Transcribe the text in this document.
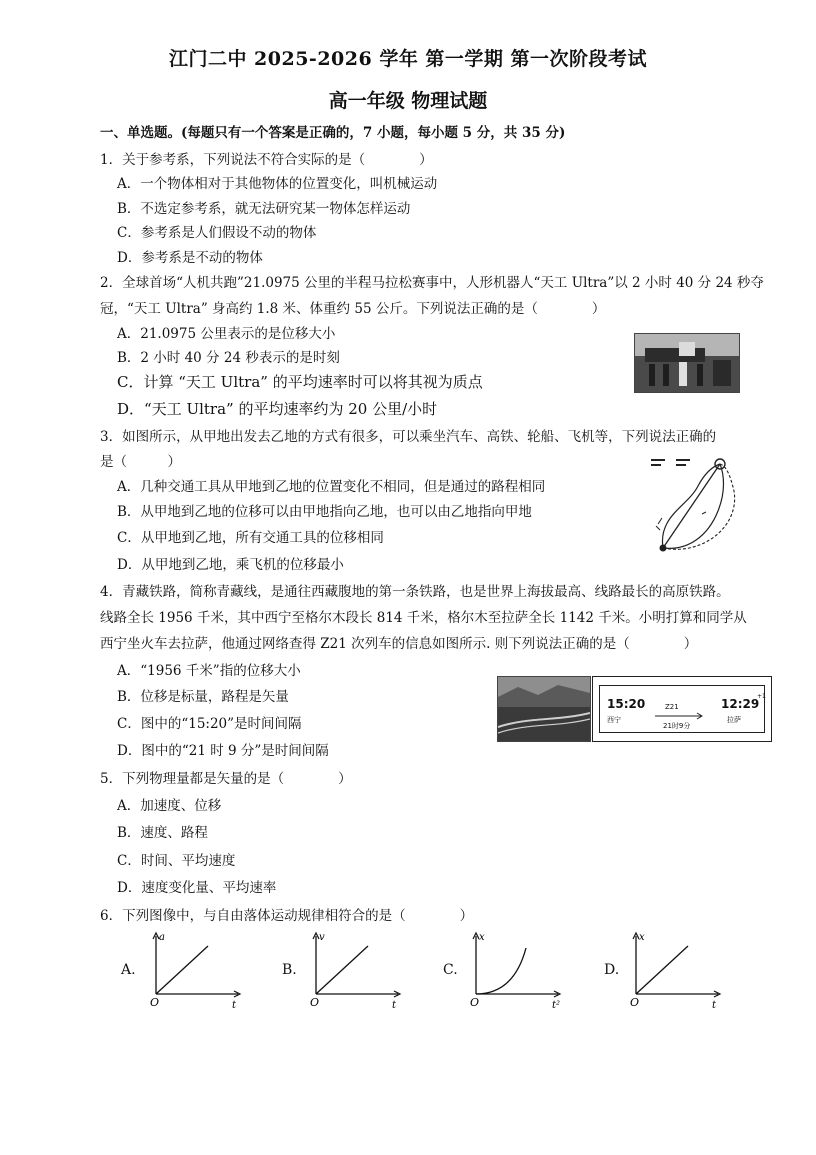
江门二中 2025-2026 学年 第一学期 第一次阶段考试
高一年级 物理试题
一、单选题。(每题只有一个答案是正确的，7 小题，每小题 5 分，共 35 分)
1．关于参考系，下列说法不符合实际的是（　　　　）
A．一个物体相对于其他物体的位置变化，叫机械运动
B．不选定参考系，就无法研究某一物体怎样运动
C．参考系是人们假设不动的物体
D．参考系是不动的物体
2．全球首场“人机共跑”21.0975 公里的半程马拉松赛事中，人形机器人“天工 Ultra”以 2 小时 40 分 24 秒夺
冠，“天工 Ultra” 身高约 1.8 米、体重约 55 公斤。下列说法正确的是（　　　　）
A．21.0975 公里表示的是位移大小
B．2 小时 40 分 24 秒表示的是时刻
C．计算 “天工 Ultra” 的平均速率时可以将其视为质点
D．“天工 Ultra” 的平均速率约为 20 公里/小时
3．如图所示，从甲地出发去乙地的方式有很多，可以乘坐汽车、高铁、轮船、飞机等，下列说法正确的
是（　　　）
A．几种交通工具从甲地到乙地的位置变化不相同，但是通过的路程相同
B．从甲地到乙地的位移可以由甲地指向乙地，也可以由乙地指向甲地
C．从甲地到乙地，所有交通工具的位移相同
D．从甲地到乙地，乘飞机的位移最小
4．青藏铁路，简称青藏线，是通往西藏腹地的第一条铁路，也是世界上海拔最高、线路最长的高原铁路。
线路全长 1956 千米，其中西宁至格尔木段长 814 千米，格尔木至拉萨全长 1142 千米。小明打算和同学从
西宁坐火车去拉萨，他通过网络查得 Z21 次列车的信息如图所示. 则下列说法正确的是（　　　　）
A．“1956 千米”指的位移大小
B．位移是标量，路程是矢量
C．图中的“15:20”是时间间隔
D．图中的“21 时 9 分”是时间间隔
15:20
西宁
Z21
21时9分
12:29
+1
拉萨
5．下列物理量都是矢量的是（　　　　）
A．加速度、位移
B．速度、路程
C．时间、平均速度
D．速度变化量、平均速率
6．下列图像中，与自由落体运动规律相符合的是（　　　　）
A.
a
t
O
B.
v
t
O
C.
x
t²
O
D.
x
t
O
